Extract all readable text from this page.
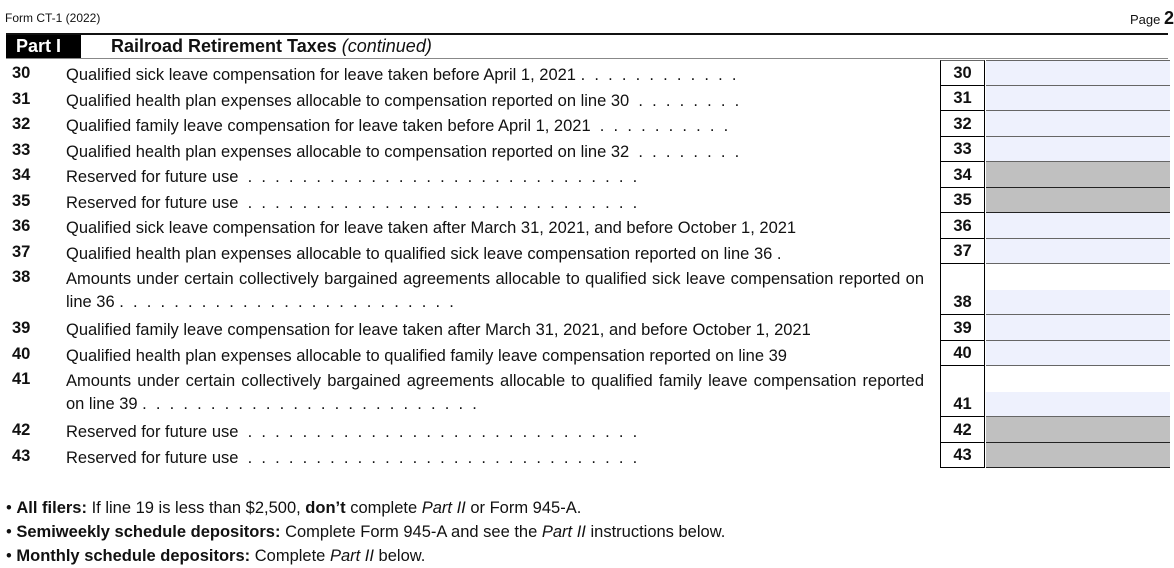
Form CT-1 (2022)	Page 2
Part I	Railroad Retirement Taxes (continued)
30 Qualified sick leave compensation for leave taken before April 1, 2021 .  .  .  .  .  .  .  .  .  .  .  .	30
31 Qualified health plan expenses allocable to compensation reported on line 30  .  .  .  .  .  .  .  .	31
32 Qualified family leave compensation for leave taken before April 1, 2021  .  .  .  .  .  .  .  .  .  .	32
33 Qualified health plan expenses allocable to compensation reported on line 32  .  .  .  .  .  .  .  .	33
34 Reserved for future use  .  .  .  .  .  .  .  .  .  .  .  .  .  .  .  .  .  .  .  .  .  .  .  .  .  .  .  .  .	34
35 Reserved for future use  .  .  .  .  .  .  .  .  .  .  .  .  .  .  .  .  .  .  .  .  .  .  .  .  .  .  .  .  .	35
36 Qualified sick leave compensation for leave taken after March 31, 2021, and before October 1, 2021	36
37 Qualified health plan expenses allocable to qualified sick leave compensation reported on line 36 .	37
38 Amounts under certain collectively bargained agreements allocable to qualified sick leave compensation reported on line 36 .  .  .  .  .  .  .  .  .  .  .  .  .  .  .  .  .  .  .  .  .  .  .  .  .	38
39 Qualified family leave compensation for leave taken after March 31, 2021, and before October 1, 2021	39
40 Qualified health plan expenses allocable to qualified family leave compensation reported on line 39	40
41 Amounts under certain collectively bargained agreements allocable to qualified family leave compensation reported on line 39 .  .  .  .  .  .  .  .  .  .  .  .  .  .  .  .  .  .  .  .  .  .  .  .  .	41
42 Reserved for future use  .  .  .  .  .  .  .  .  .  .  .  .  .  .  .  .  .  .  .  .  .  .  .  .  .  .  .  .  .	42
43 Reserved for future use  .  .  .  .  .  .  .  .  .  .  .  .  .  .  .  .  .  .  .  .  .  .  .  .  .  .  .  .  .	43
• All filers: If line 19 is less than $2,500, don’t complete Part II or Form 945-A.
• Semiweekly schedule depositors: Complete Form 945-A and see the Part II instructions below.
• Monthly schedule depositors: Complete Part II below.
